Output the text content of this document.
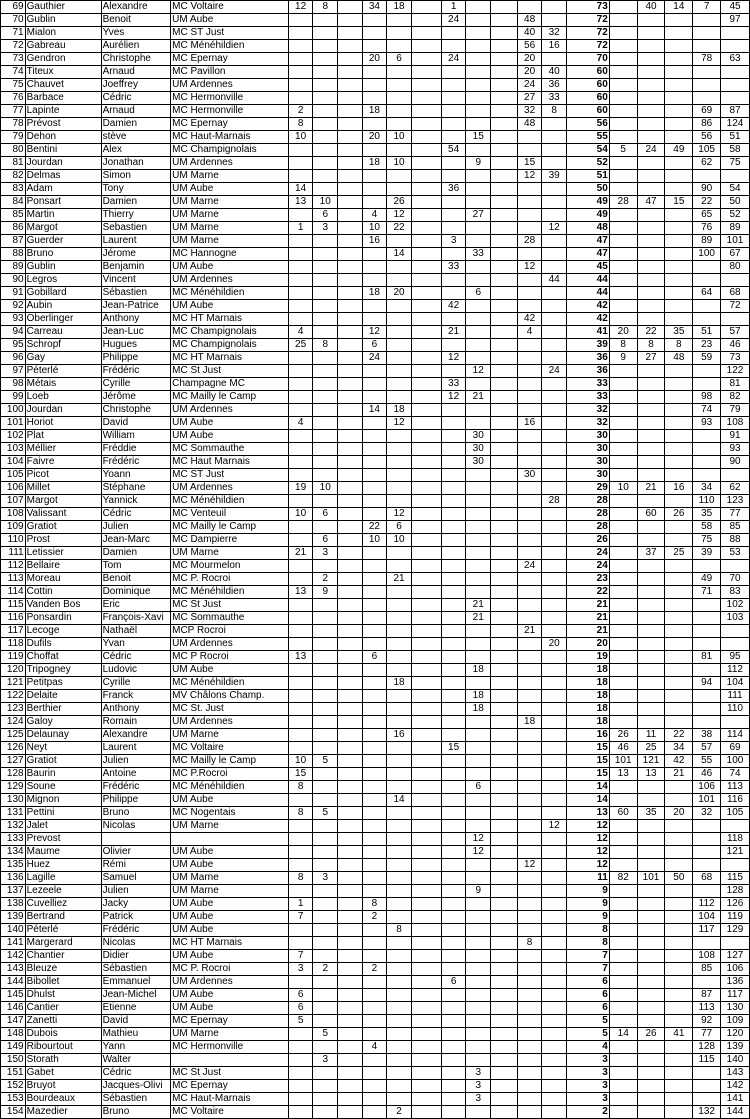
69	Gauthier	Alexandre	MC Voltaire	12	8		34	18		1					73		40	14	7	45
70	Gublin	Benoit	UM Aube							24			48		72					97
71	Mialon	Yves	MC ST Just										40	32	72					
72	Gabreau	Aurélien	MC Ménéhildien										56	16	72					
73	Gendron	Christophe	MC Epernay				20	6		24			20		70				78	63
74	Titeux	Arnaud	MC Pavillon										20	40	60					
75	Chauvet	Joeffrey	UM Ardennes										24	36	60					
76	Barbace	Cédric	MC Hermonville										27	33	60					
77	Lapinte	Arnaud	MC Hermonville	2			18						32	8	60				69	87
78	Prévost	Damien	MC Epernay	8									48		56				86	124
79	Dehon	stève	MC Haut-Marnais	10			20	10			15				55				56	51
80	Bentini	Alex	MC Champignolais							54					54	5	24	49	105	58
81	Jourdan	Jonathan	UM Ardennes				18	10			9		15		52				62	75
82	Delmas	Simon	UM Marne										12	39	51					
83	Adam	Tony	UM Aube	14						36					50				90	54
84	Ponsart	Damien	UM Marne	13	10			26							49	28	47	15	22	50
85	Martin	Thierry	UM Marne		6		4	12			27				49				65	52
86	Margot	Sebastien	UM Marne	1	3		10	22						12	48				76	89
87	Guerder	Laurent	UM Marne				16			3			28		47				89	101
88	Bruno	Jérome	MC Hannogne					14			33				47				100	67
89	Gublin	Benjamin	UM Aube							33			12		45					80
90	Legros	Vincent	UM Ardennes											44	44					
91	Gobillard	Sébastien	MC Ménéhildien				18	20			6				44				64	68
92	Aubin	Jean-Patrice	UM Aube							42					42					72
93	Oberlinger	Anthony	MC HT Marnais										42		42					
94	Carreau	Jean-Luc	MC Champignolais	4			12			21			4		41	20	22	35	51	57
95	Schropf	Hugues	MC Champignolais	25	8		6								39	8	8	8	23	46
96	Gay	Philippe	MC HT Marnais				24			12					36	9	27	48	59	73
97	Péterlé	Frédéric	MC St Just								12			24	36					122
98	Métais	Cyrille	Champagne MC							33					33					81
99	Loeb	Jérôme	MC Mailly le Camp							12	21				33				98	82
100	Jourdan	Christophe	UM Ardennes				14	18							32				74	79
101	Horiot	David	UM Aube	4				12					16		32				93	108
102	Plat	William	UM Aube								30				30					91
103	Méllier	Fréddie	MC Sommauthe								30				30					93
104	Faivre	Frédéric	MC Haut Marnais								30				30					90
105	Picot	Yoann	MC ST Just										30		30					
106	Millet	Stéphane	UM Ardennes	19	10										29	10	21	16	34	62
107	Margot	Yannick	MC Ménéhildien											28	28				110	123
108	Valissant	Cédric	MC Venteuil	10	6			12							28		60	26	35	77
109	Gratiot	Julien	MC Mailly le Camp				22	6							28				58	85
110	Prost	Jean-Marc	MC Dampierre		6		10	10							26				75	88
111	Letissier	Damien	UM Marne	21	3										24		37	25	39	53
112	Bellaire	Tom	MC Mourmelon										24		24					
113	Moreau	Benoit	MC P. Rocroi		2			21							23				49	70
114	Cottin	Dominique	MC Ménéhildien	13	9										22				71	83
115	Vanden Bos	Eric	MC St Just								21				21					102
116	Ponsardin	François-Xavi	MC Sommauthe								21				21					103
117	Lecoge	Nathaël	MCP Rocroi										21		21					
118	Dufils	Yvan	UM Ardennes											20	20					
119	Choffat	Cédric	MC P Rocroi	13			6								19				81	95
120	Tripogney	Ludovic	UM Aube								18				18					112
121	Petitpas	Cyrille	MC Ménéhildien					18							18				94	104
122	Delaite	Franck	MV Châlons Champ.								18				18					111
123	Berthier	Anthony	MC St. Just								18				18					110
124	Galoy	Romain	UM Ardennes										18		18					
125	Delaunay	Alexandre	UM Marne					16							16	26	11	22	38	114
126	Neyt	Laurent	MC Voltaire							15					15	46	25	34	57	69
127	Gratiot	Julien	MC Mailly le Camp	10	5										15	101	121	42	55	100
128	Baurin	Antoine	MC P.Rocroi	15											15	13	13	21	46	74
129	Soune	Frédéric	MC Ménéhildien	8							6				14				106	113
130	Mignon	Philippe	UM Aube					14							14				101	116
131	Pettini	Bruno	MC Nogentais	8	5										13	60	35	20	32	105
132	Jalet	Nicolas	UM Marne											12	12					
133	Prevost										12				12					118
134	Maume	Olivier	UM Aube								12				12					121
135	Huez	Rémi	UM Aube										12		12					
136	Lagille	Samuel	UM Marne	8	3										11	82	101	50	68	115
137	Lezeele	Julien	UM Marne								9				9					128
138	Cuvelliez	Jacky	UM Aube	1			8								9				112	126
139	Bertrand	Patrick	UM Aube	7			2								9				104	119
140	Péterlé	Frédéric	UM Aube					8							8				117	129
141	Margerard	Nicolas	MC HT Marnais										8		8					
142	Chantier	Didier	UM Aube	7											7				108	127
143	Bleuze	Sébastien	MC P. Rocroi	3	2		2								7				85	106
144	Bibollet	Emmanuel	UM Ardennes							6					6					136
145	Dhulst	Jean-Michel	UM Aube	6											6				87	117
146	Cantier	Etienne	UM Aube	6											6				113	130
147	Zanetti	David	MC Epernay	5											5				92	109
148	Dubois	Mathieu	UM Marne		5										5	14	26	41	77	120
149	Ribourtout	Yann	MC Hermonville				4								4				128	139
150	Storath	Walter			3										3				115	140
151	Gabet	Cédric	MC St Just								3				3					143
152	Bruyot	Jacques-Olivi	MC Epernay								3				3					142
153	Bourdeaux	Sébastien	MC Haut-Marnais								3				3					141
154	Mazedier	Bruno	MC Voltaire					2							2				132	144
